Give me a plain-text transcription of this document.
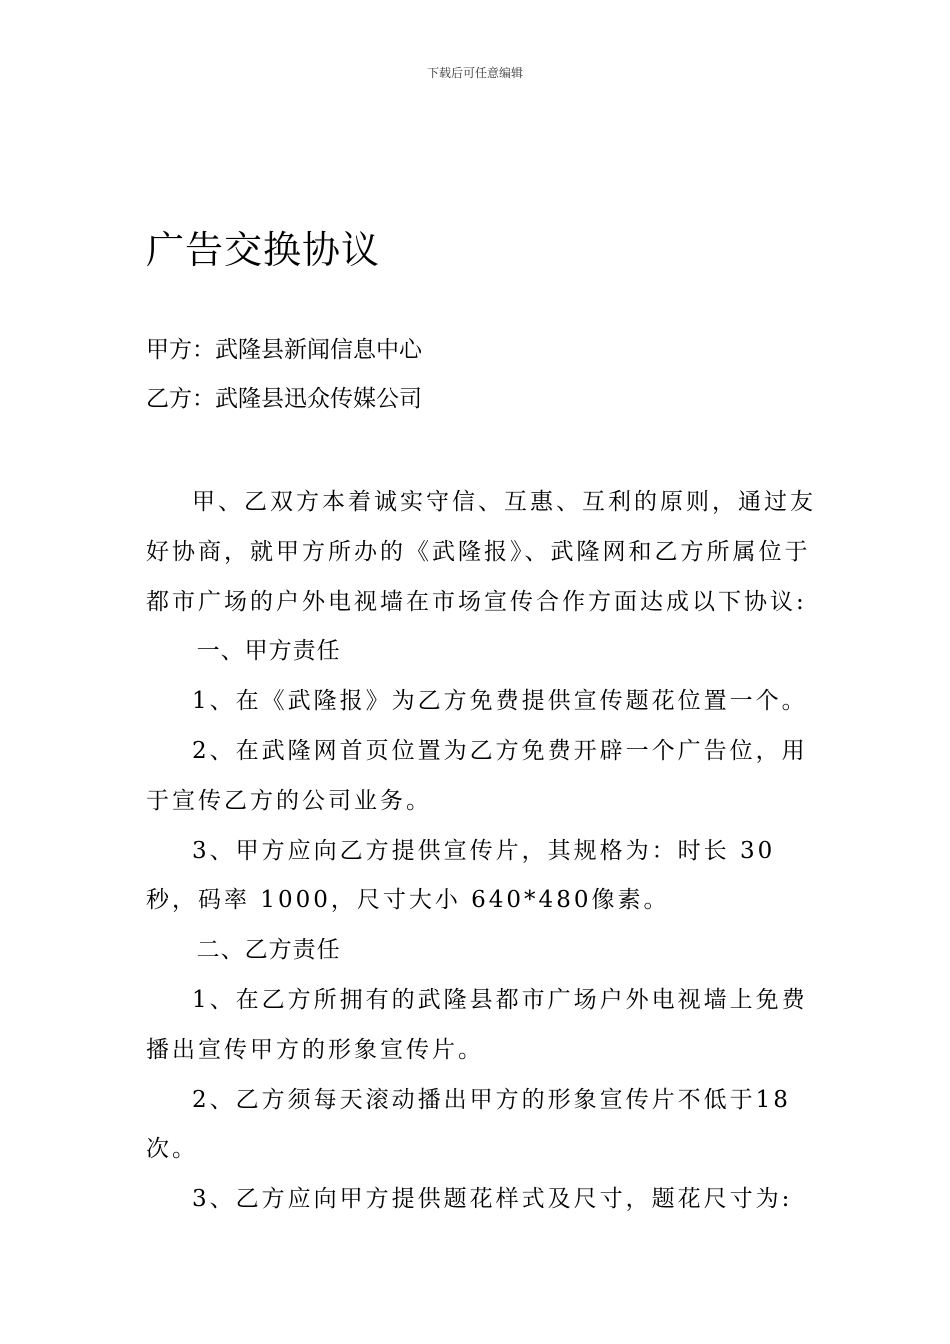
下载后可任意编辑
广告交换协议
甲方：武隆县新闻信息中心
乙方：武隆县迅众传媒公司

甲、乙双方本着诚实守信、互惠、互利的原则，通过友好协商，就甲方所办的《武隆报》、武隆网和乙方所属位于都市广场的户外电视墙在市场宣传合作方面达成以下协议:

一、甲方责任

1、在《武隆报》为乙方免费提供宣传题花位置一个。

2、在武隆网首页位置为乙方免费开辟一个广告位，用于宣传乙方的公司业务。

3、甲方应向乙方提供宣传片，其规格为：时长 30秒，码率 1000，尺寸大小 640*480像素。

二、乙方责任

1、在乙方所拥有的武隆县都市广场户外电视墙上免费播出宣传甲方的形象宣传片。

2、乙方须每天滚动播出甲方的形象宣传片不低于18次。

3、乙方应向甲方提供题花样式及尺寸，题花尺寸为:
